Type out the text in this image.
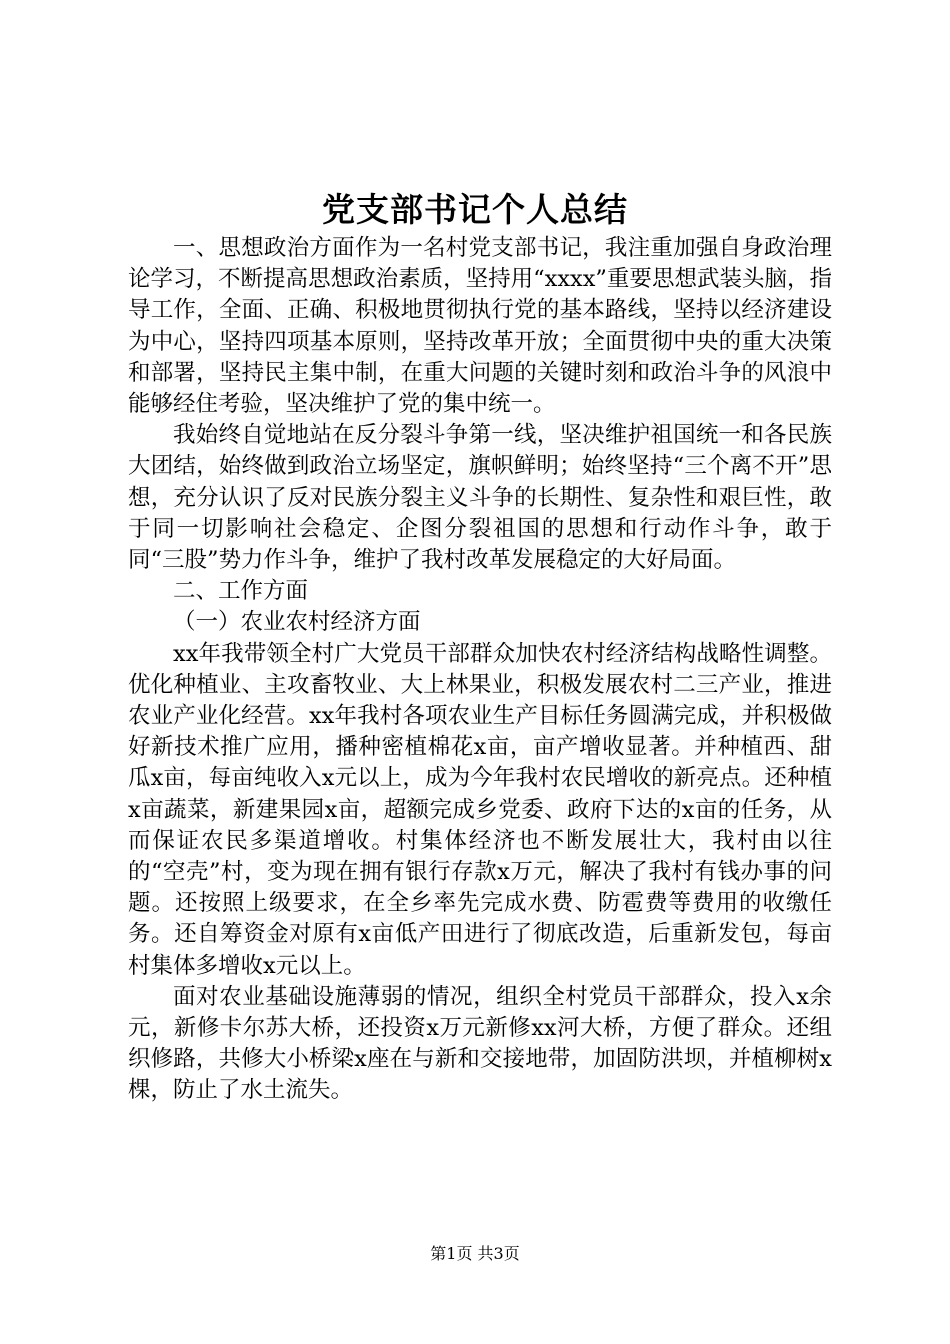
党支部书记个人总结

一、思想政治方面作为一名村党支部书记，我注重加强自身政治理论学习，不断提高思想政治素质，坚持用“xxxx”重要思想武装头脑，指导工作，全面、正确、积极地贯彻执行党的基本路线，坚持以经济建设为中心，坚持四项基本原则，坚持改革开放；全面贯彻中央的重大决策和部署，坚持民主集中制，在重大问题的关键时刻和政治斗争的风浪中能够经住考验，坚决维护了党的集中统一。

我始终自觉地站在反分裂斗争第一线，坚决维护祖国统一和各民族大团结，始终做到政治立场坚定，旗帜鲜明；始终坚持“三个离不开”思想，充分认识了反对民族分裂主义斗争的长期性、复杂性和艰巨性，敢于同一切影响社会稳定、企图分裂祖国的思想和行动作斗争，敢于同“三股”势力作斗争，维护了我村改革发展稳定的大好局面。

二、工作方面

（一）农业农村经济方面

xx年我带领全村广大党员干部群众加快农村经济结构战略性调整。优化种植业、主攻畜牧业、大上林果业，积极发展农村二三产业，推进农业产业化经营。xx年我村各项农业生产目标任务圆满完成，并积极做好新技术推广应用，播种密植棉花x亩，亩产增收显著。并种植西、甜瓜x亩，每亩纯收入x元以上，成为今年我村农民增收的新亮点。还种植x亩蔬菜，新建果园x亩，超额完成乡党委、政府下达的x亩的任务，从而保证农民多渠道增收。村集体经济也不断发展壮大，我村由以往的“空壳”村，变为现在拥有银行存款x万元，解决了我村有钱办事的问题。还按照上级要求，在全乡率先完成水费、防雹费等费用的收缴任务。还自筹资金对原有x亩低产田进行了彻底改造，后重新发包，每亩村集体多增收x元以上。

面对农业基础设施薄弱的情况，组织全村党员干部群众，投入x余元，新修卡尔苏大桥，还投资x万元新修xx河大桥，方便了群众。还组织修路，共修大小桥梁x座在与新和交接地带，加固防洪坝，并植柳树x棵，防止了水土流失。

第1页 共3页
